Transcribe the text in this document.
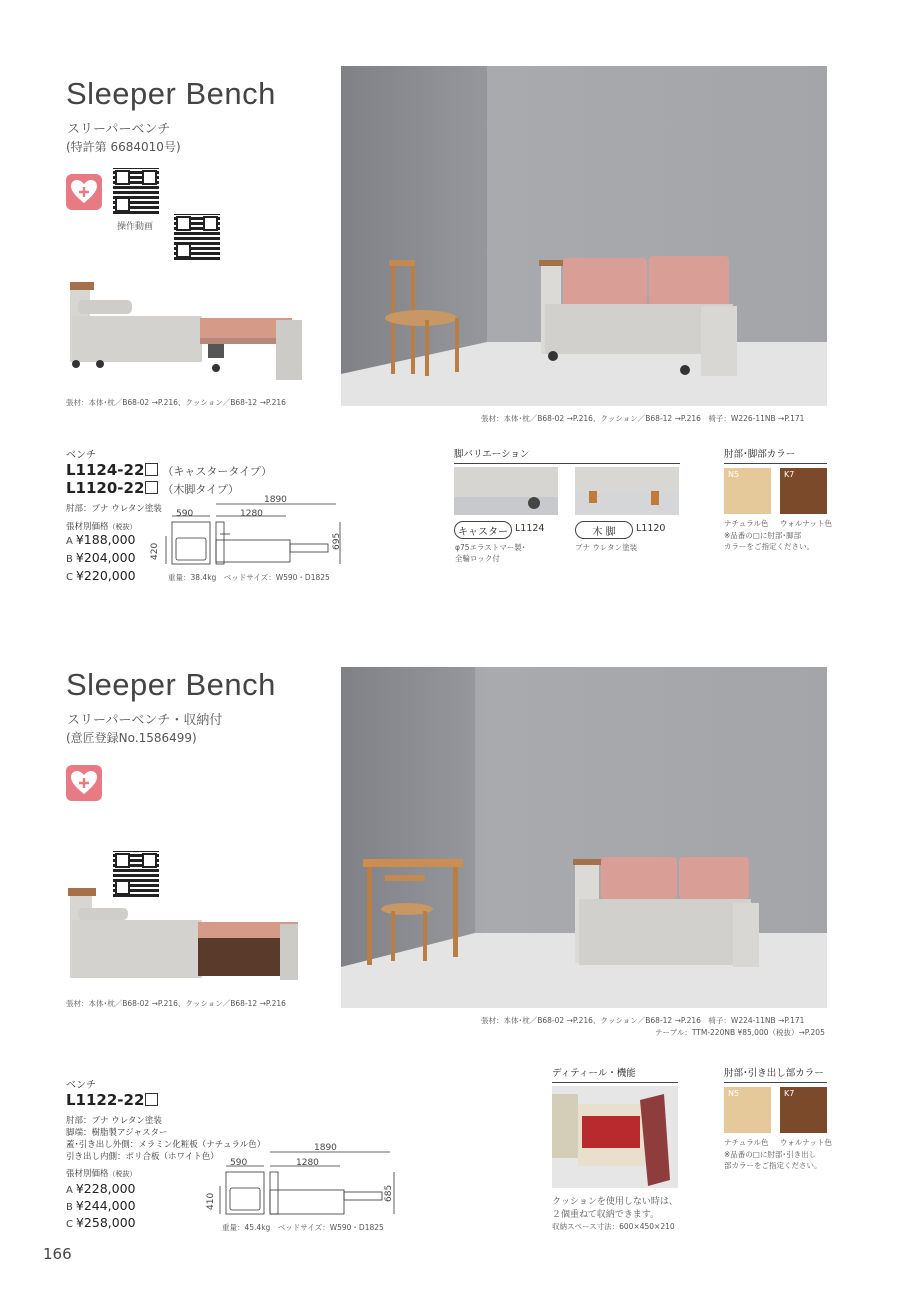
Sleeper Bench
スリーパーベンチ
(特許第 6684010号)
操作動画
張材：本体･枕／B68-02 →P.216、クッション／B68-12 →P.216
張材：本体･枕／B68-02 →P.216、クッション／B68-12 →P.216　椅子：W226-11NB →P.171
ベンチ
L1124-22 （キャスタータイプ）
L1120-22 （木脚タイプ）
肘部：ブナ ウレタン塗装
張材別価格（税抜）
A ¥188,000
B ¥204,000
C ¥220,000
1890
590	1280
420
695
重量：38.4kg　ベッドサイズ：W590・D1825
脚バリエーション
キャスター L1124
φ75エラストマー製･
全輪ロック付
木 脚	L1120
ブナ ウレタン塗装
肘部･脚部カラー
N5	K7
ナチュラル色 ウォルナット色
※品番の□に肘部･脚部
カラーをご指定ください。
Sleeper Bench
スリーパーベンチ・収納付
(意匠登録No.1586499)
張材：本体･枕／B68-02 →P.216、クッション／B68-12 →P.216
張材：本体･枕／B68-02 →P.216、クッション／B68-12 →P.216　椅子：W224-11NB →P.171
テーブル：TTM-220NB ¥85,000（税抜）→P.205
ベンチ
L1122-22
肘部：ブナ ウレタン塗装
脚端：樹脂製アジャスター
蓋･引き出し外側：メラミン化粧板（ナチュラル色）
引き出し内側：ポリ合板（ホワイト色）
張材別価格（税抜）
A ¥228,000
B ¥244,000
C ¥258,000
1890
590	1280
410	685
重量：45.4kg　ベッドサイズ：W590・D1825
ディティール・機能
クッションを使用しない時は、
２個重ねて収納できます。
収納スペース寸法：600×450×210
肘部･引き出し部カラー
N5	K7
ナチュラル色 ウォルナット色
※品番の□に肘部･引き出し
部カラーをご指定ください。
166
